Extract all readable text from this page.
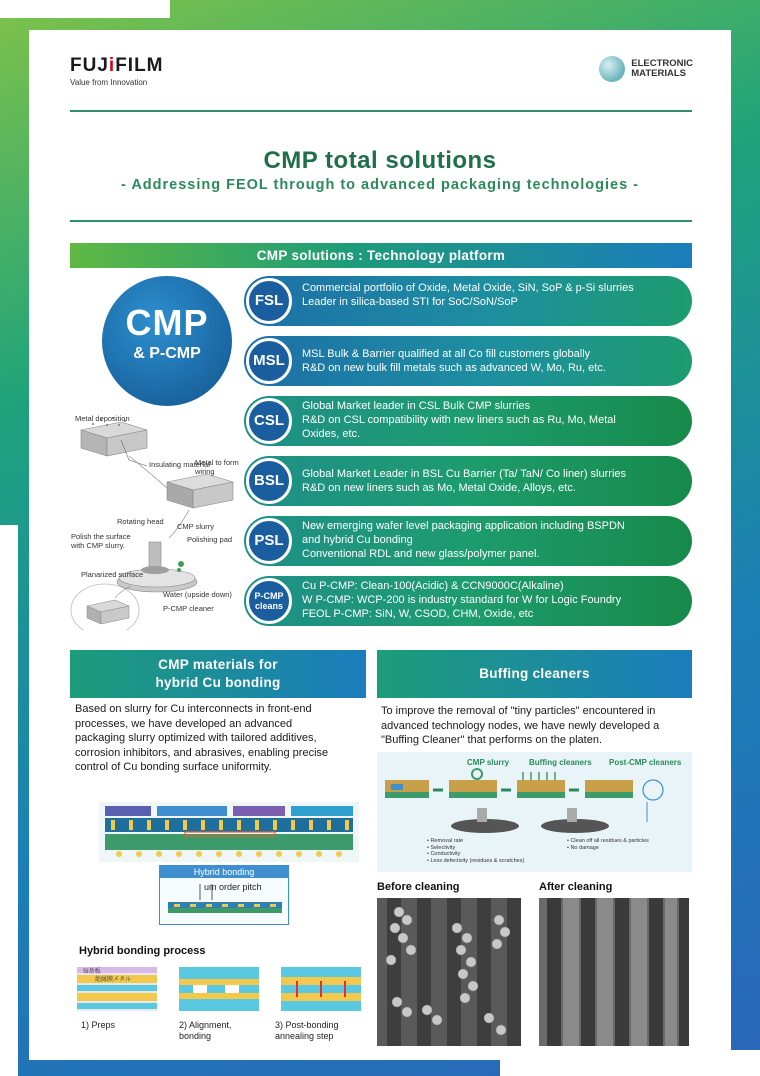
FUJiFILM
Value from Innovation
ELECTRONIC
MATERIALS
CMP total solutions
- Addressing FEOL through to advanced packaging technologies -
CMP solutions : Technology platform
CMP
& P-CMP
Metal deposition
Insulating material
Metal to form
wiring
Rotating head
Polish the surface
with CMP slurry.
CMP slurry
Polishing pad
Planarized surface
Water (upside down)
P-CMP cleaner
FSL
Commercial portfolio of Oxide, Metal Oxide, SiN, SoP & p-Si slurries
Leader in silica-based STI for SoC/SoN/SoP
MSL	MSL Bulk & Barrier qualified at all Co fill customers globally
R&D on new bulk fill metals such as advanced W, Mo, Ru, etc.
CSL
Global Market leader in CSL Bulk CMP slurries
R&D on CSL compatibility with new liners such as Ru, Mo, Metal
Oxides, etc.
BSL	Global Market Leader in BSL Cu Barrier (Ta/ TaN/ Co liner) slurries
R&D on new liners such as Mo, Metal Oxide, Alloys, etc.
PSL
New emerging wafer level packaging application including BSPDN
and hybrid Cu bonding
Conventional RDL and new glass/polymer panel.
P-CMP
cleans
Cu P-CMP: Clean-100(Acidic) & CCN9000C(Alkaline)
W P-CMP: WCP-200 is industry standard for W for Logic Foundry
FEOL P-CMP: SiN, W, CSOD, CHM, Oxide, etc
CMP materials for
hybrid Cu bonding
Based on slurry for Cu interconnects in front-end
processes, we have developed an advanced
packaging slurry optimized with tailored additives,
corrosion inhibitors, and abrasives, enabling precise
control of Cu bonding surface uniformity.
Hybrid bonding
um order pitch
Hybrid bonding process
SI基板
絶縁膜 メタル
1) Preps	2) Alignment,
bonding
3) Post-bonding
annealing step
Buffing cleaners
To improve the removal of "tiny particles" encountered in
advanced technology nodes, we have newly developed a
"Buffing Cleaner" that performs on the platen.
CMP slurry Buffing cleaners Post-CMP cleaners
• Removal rate
• Selectivity
• Conductivity
• Less defectivity (residues & scratches)
• Clean off all residues & particles
• No damage
Before cleaning	After cleaning
